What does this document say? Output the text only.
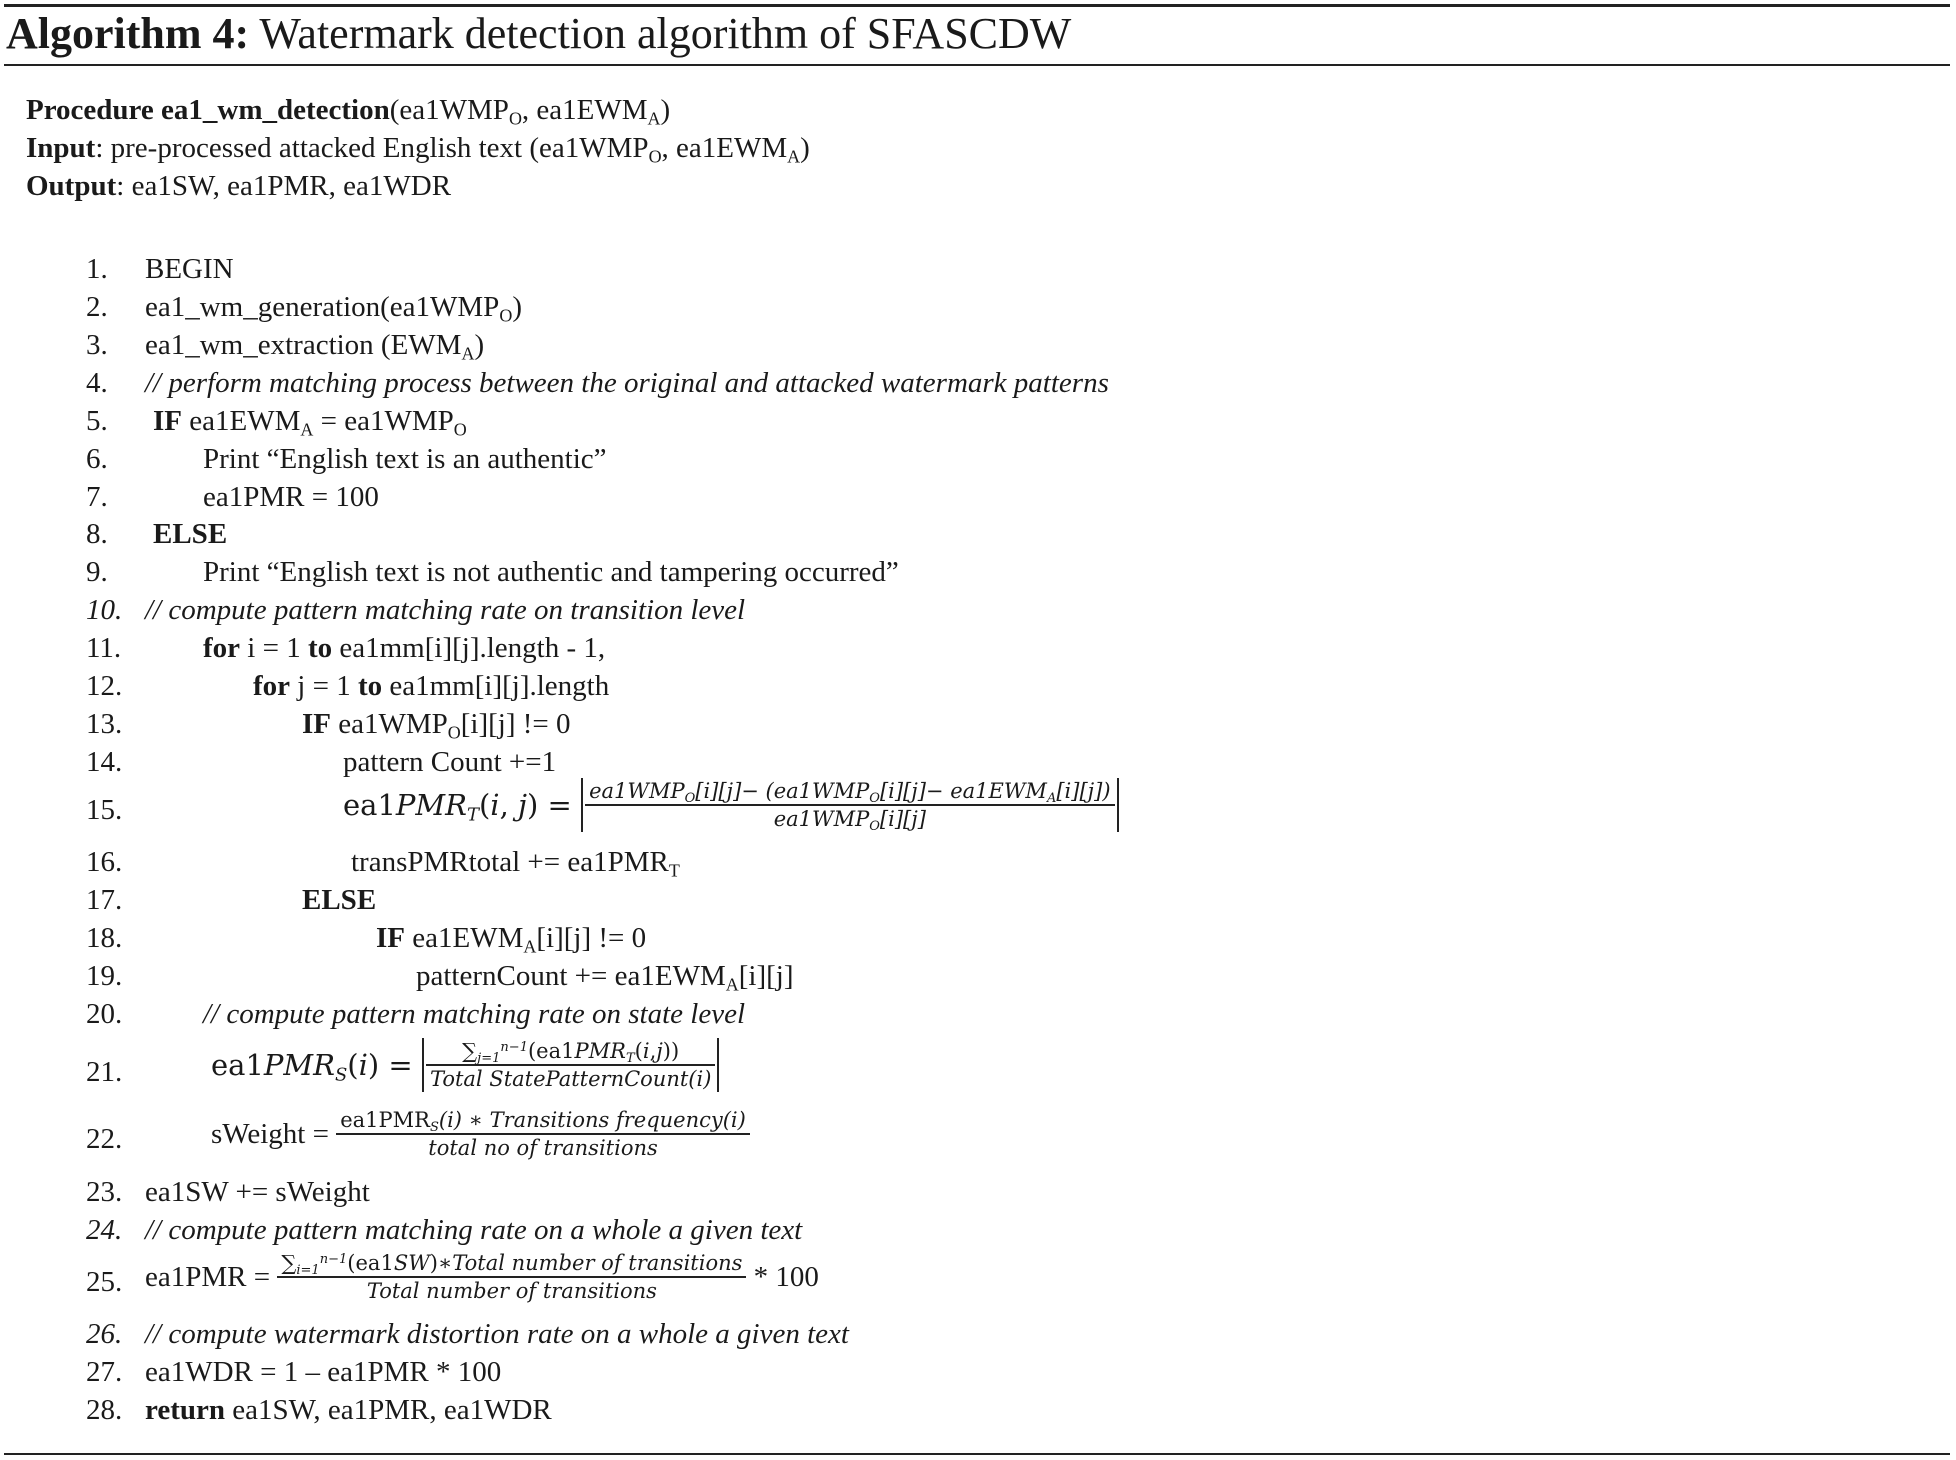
Algorithm 4: Watermark detection algorithm of SFASCDW
Procedure $ea1\_wm\_detection(ea1WMP_O$, $ea1EWM_A$)
Input: pre-processed attacked English text ($ea1WMP_O$, $ea1EWM_A$)
Output: ea1SW, ea1PMR, ea1WDR
1.	BEGIN
2.	$ea1\_wm\_generation(ea1WMP_O)$
3.	ea1_wm_extraction $(EWM_A)$
4.	// perform matching process between the original and attacked watermark patterns
5.	IF $ea1EWM_A = ea1WMP_O$
6.	Print “English text is an authentic”
7.	ea1PMR = 100
8.	ELSE
9.	Print “English text is not authentic and tampering occurred”
10. // compute pattern matching rate on transition level
11.	for i = 1 to ea1mm[i][j].length - 1,
12.	for j = 1 to ea1mm[i][j].length
13.	IF $ea1WMP_O[i][j]$ != 0
14.	pattern Count +=1
15.	$ea1PMR_T(i$, $j) = \frac{ea1WMP_O[i][j]- (ea1WMP_O[i][j]- ea1EWM_A[i][j])}{ea1WMP_O[i][j]}$
16.	transPMRtotal += $ea1PMR_T$
17.	ELSE
18.	IF $ea1EWM_A[i][j]$ != 0
19.	patternCount += $ea1EWM_A[i][j]$
20.	// compute pattern matching rate on state level
21.	$ea1PMR_S(i) = \frac{\sum_{j=1}^{n-1}(ea1PMR_T(i,j))}{\text{Total StatePatternCount(i)}}$
22.	sWeight = $\frac{ea1PMR_S(i) ∗ Transitions frequency(i)}{\text{total no of transitions}}$
23. ea1SW += sWeight
24. // compute pattern matching rate on a whole a given text
25. $ea1PMR = \frac{\sum_{i=1}^{n-1}(ea1SW)∗Total number of transitions}{\text{Total number of transitions}} * 100$
26. // compute watermark distortion rate on a whole a given text
27. ea1WDR = 1 – ea1PMR * 100
28. return ea1SW, ea1PMR, ea1WDR
